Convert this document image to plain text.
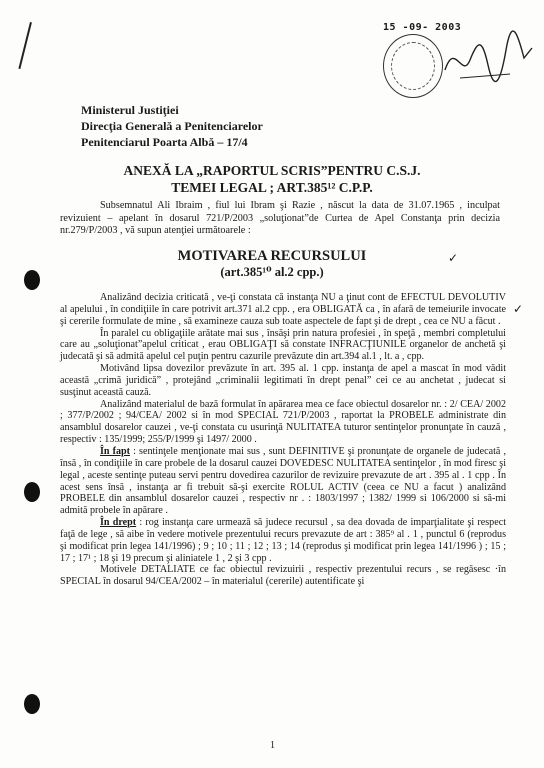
15 -09- 2003
Ministerul Justiţiei
Direcţia Generală a Penitenciarelor
Penitenciarul Poarta Albă – 17/4
ANEXĂ LA „RAPORTUL SCRIS”PENTRU C.S.J.
TEMEI LEGAL ; ART.385¹² C.P.P.
Subsemnatul Ali Ibraim , fiul lui Ibram şi Razie , născut la data de 31.07.1965 , inculpat revizuient – apelant în dosarul 721/P/2003 „soluţionat”de Curtea de Apel Constanţa prin decizia nr.279/P/2003 , vă supun atenţiei următoarele :
MOTIVAREA RECURSULUI
(art.385¹⁰ al.2 cpp.)
✓
✓

Analizând decizia criticată , ve-ţi constata că instanţa NU a ţinut cont de EFECTUL DEVOLUTIV al apelului , în condiţiile în care potrivit art.371 al.2 cpp. , era OBLIGATĂ ca , în afară de temeiurile invocate şi cererile formulate de mine , să examineze cauza sub toate aspectele de fapt şi de drept , cea ce NU a făcut .

În paralel cu obligaţiile arătate mai sus , însăşi prin natura profesiei , în speţă , membri completului care au „soluţionat”apelul criticat , erau OBLIGAŢI să constate INFRACŢIUNILE organelor de anchetă şi judecată şi să admită apelul cel puţin pentru cazurile prevăzute din art.394 al.1 , lt. a , cpp.

Motivând lipsa dovezilor prevăzute în art. 395 al. 1 cpp. instanţa de apel a mascat în mod vădit această „crimă juridică” , protejând „criminalii legitimati în drept penal” cei ce au anchetat , judecat si susţinut această cauză.

Analizând materialul de bază formulat în apărarea mea ce face obiectul dosarelor nr. : 2/ CEA/ 2002 ; 377/P/2002 ; 94/CEA/ 2002 si în mod SPECIAL 721/P/2003 , raportat la PROBELE administrate din ansamblul dosarelor cauzei , ve-ţi constata cu usurinţă NULITATEA tuturor sentinţelor pronunţate în cauză , respectiv : 135/1999; 255/P/1999 şi 1497/ 2000 .

În fapt : sentinţele menţionate mai sus , sunt DEFINITIVE şi pronunţate de organele de judecată , însă , în condiţiile în care probele de la dosarul cauzei DOVEDESC NULITATEA sentinţelor , în mod firesc şi legal , aceste sentinţe puteau servi pentru dovedirea cazurilor de revizuire prevazute de art . 395 al . 1 cpp . În acest sens însă , instanţa ar fi trebuit să-şi exercite ROLUL ACTIV (ceea ce NU a facut ) analizând PROBELE din ansamblul dosarelor cauzei , respectiv nr . : 1803/1997 ; 1382/ 1999 si 106/2000 si să-mi admită probele în apărare .

În drept : rog instanţa care urmează să judece recursul , sa dea dovada de imparţialitate şi respect faţă de lege , să aibe în vedere motivele prezentului recurs prevazute de art : 385⁹ al . 1 , punctul 6 (reprodus şi modificat prin legea 141/1996) ; 9 ; 10 ; 11 ; 12 ; 13 ; 14 (reprodus şi modificat prin legea 141/1996 ) ; 15 ; 17 ; 17¹ ; 18 şi 19 precum şi aliniatele 1 , 2 şi 3 cpp .

Motivele DETALIATE ce fac obiectul revizuirii , respectiv prezentului recurs , se regăsesc ·în SPECIAL în dosarul 94/CEA/2002 – în materialul (cererile) autentificate şi

1
